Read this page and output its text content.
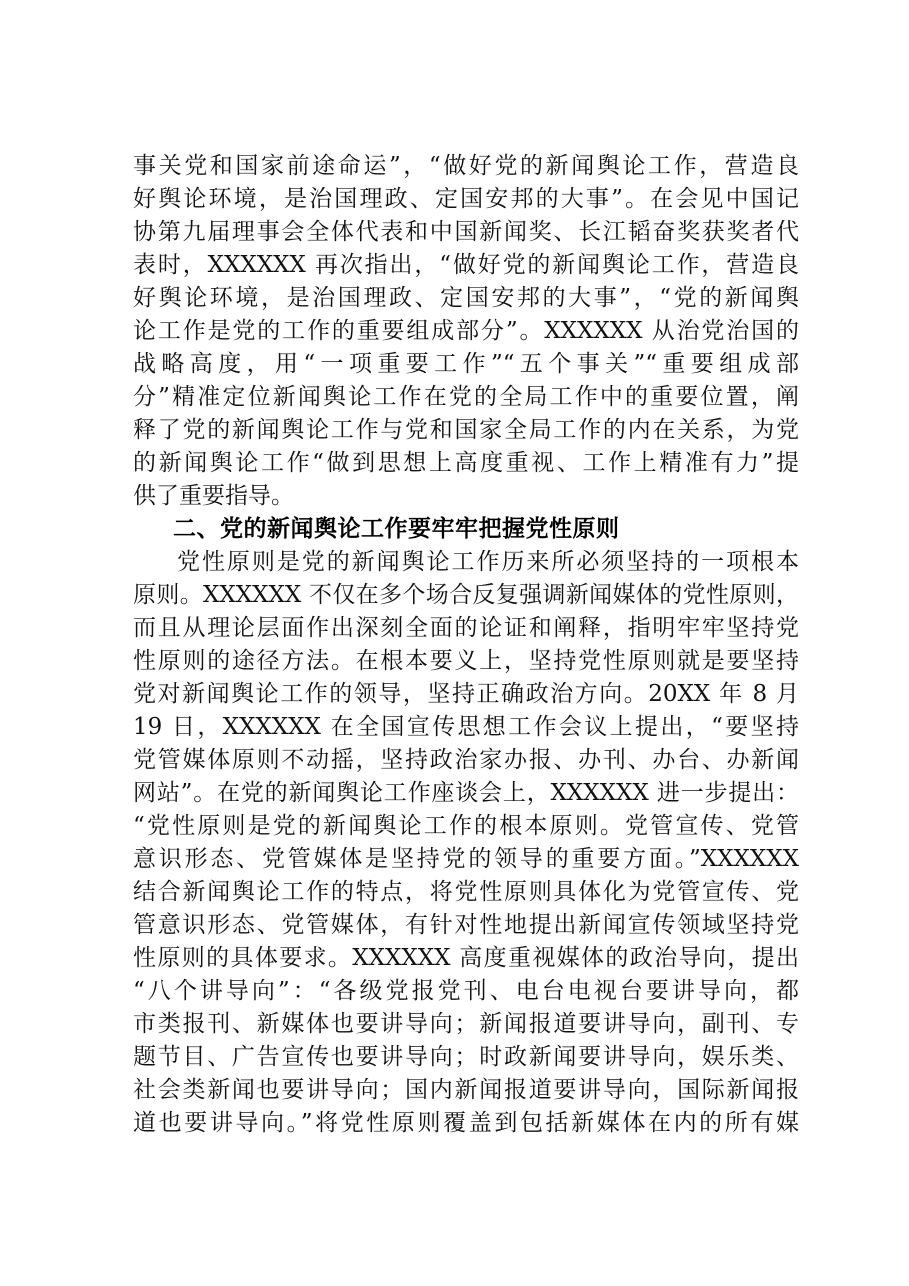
事关党和国家前途命运”，“做好党的新闻舆论工作，营造良
好舆论环境，是治国理政、定国安邦的大事”。在会见中国记
协第九届理事会全体代表和中国新闻奖、长江韬奋奖获奖者代
表时，XXXXXX 再次指出，“做好党的新闻舆论工作，营造良
好舆论环境，是治国理政、定国安邦的大事”，“党的新闻舆
论工作是党的工作的重要组成部分”。XXXXXX 从治党治国的
战略高度，用“一项重要工作”“五个事关”“重要组成部
分”精准定位新闻舆论工作在党的全局工作中的重要位置，阐
释了党的新闻舆论工作与党和国家全局工作的内在关系，为党
的新闻舆论工作“做到思想上高度重视、工作上精准有力”提
供了重要指导。
二、党的新闻舆论工作要牢牢把握党性原则
党性原则是党的新闻舆论工作历来所必须坚持的一项根本
原则。XXXXXX 不仅在多个场合反复强调新闻媒体的党性原则，
而且从理论层面作出深刻全面的论证和阐释，指明牢牢坚持党
性原则的途径方法。在根本要义上，坚持党性原则就是要坚持
党对新闻舆论工作的领导，坚持正确政治方向。20XX 年 8 月
19 日，XXXXXX 在全国宣传思想工作会议上提出，“要坚持
党管媒体原则不动摇，坚持政治家办报、办刊、办台、办新闻
网站”。在党的新闻舆论工作座谈会上，XXXXXX 进一步提出：
“党性原则是党的新闻舆论工作的根本原则。党管宣传、党管
意识形态、党管媒体是坚持党的领导的重要方面。”XXXXXX
结合新闻舆论工作的特点，将党性原则具体化为党管宣传、党
管意识形态、党管媒体，有针对性地提出新闻宣传领域坚持党
性原则的具体要求。XXXXXX 高度重视媒体的政治导向，提出
“八个讲导向”：“各级党报党刊、电台电视台要讲导向，都
市类报刊、新媒体也要讲导向；新闻报道要讲导向，副刊、专
题节目、广告宣传也要讲导向；时政新闻要讲导向，娱乐类、
社会类新闻也要讲导向；国内新闻报道要讲导向，国际新闻报
道也要讲导向。”将党性原则覆盖到包括新媒体在内的所有媒
